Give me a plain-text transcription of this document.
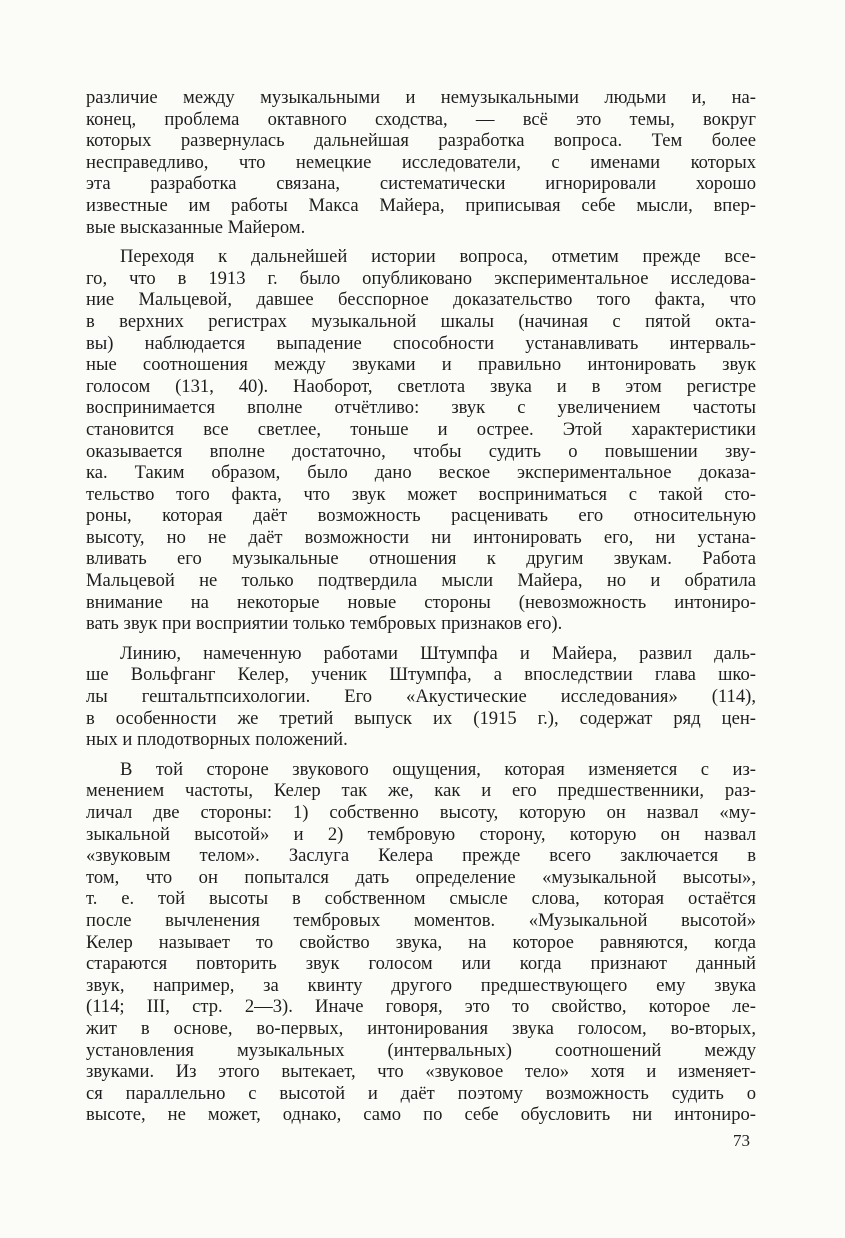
различие между музыкальными и немузыкальными людьми и, на-
конец, проблема октавного сходства, — всё это темы, вокруг
которых развернулась дальнейшая разработка вопроса. Тем более
несправедливо, что немецкие исследователи, с именами которых
эта разработка связана, систематически игнорировали хорошо
известные им работы Макса Майера, приписывая себе мысли, впер-
вые высказанные Майером.

Переходя к дальнейшей истории вопроса, отметим прежде все-
го, что в 1913 г. было опубликовано экспериментальное исследова-
ние Мальцевой, давшее бесспорное доказательство того факта, что
в верхних регистрах музыкальной шкалы (начиная с пятой окта-
вы) наблюдается выпадение способности устанавливать интерваль-
ные соотношения между звуками и правильно интонировать звук
голосом (131, 40). Наоборот, светлота звука и в этом регистре
воспринимается вполне отчётливо: звук с увеличением частоты
становится все светлее, тоньше и острее. Этой характеристики
оказывается вполне достаточно, чтобы судить о повышении зву-
ка. Таким образом, было дано веское экспериментальное доказа-
тельство того факта, что звук может восприниматься с такой сто-
роны, которая даёт возможность расценивать его относительную
высоту, но не даёт возможности ни интонировать его, ни устана-
вливать его музыкальные отношения к другим звукам. Работа
Мальцевой не только подтвердила мысли Майера, но и обратила
внимание на некоторые новые стороны (невозможность интониро-
вать звук при восприятии только тембровых признаков его).

Линию, намеченную работами Штумпфа и Майера, развил даль-
ше Вольфганг Келер, ученик Штумпфа, а впоследствии глава шко-
лы гештальтпсихологии. Его «Акустические исследования» (114),
в особенности же третий выпуск их (1915 г.), содержат ряд цен-
ных и плодотворных положений.

В той стороне звукового ощущения, которая изменяется с из-
менением частоты, Келер так же, как и его предшественники, раз-
личал две стороны: 1) собственно высоту, которую он назвал «му-
зыкальной высотой» и 2) тембровую сторону, которую он назвал
«звуковым телом». Заслуга Келера прежде всего заключается в
том, что он попытался дать определение «музыкальной высоты»,
т. е. той высоты в собственном смысле слова, которая остаётся
после вычленения тембровых моментов. «Музыкальной высотой»
Келер называет то свойство звука, на которое равняются, когда
стараются повторить звук голосом или когда признают данный
звук, например, за квинту другого предшествующего ему звука
(114; III, стр. 2—3). Иначе говоря, это то свойство, которое ле-
жит в основе, во-первых, интонирования звука голосом, во-вторых,
установления музыкальных (интервальных) соотношений между
звуками. Из этого вытекает, что «звуковое тело» хотя и изменяет-
ся параллельно с высотой и даёт поэтому возможность судить о
высоте, не может, однако, само по себе обусловить ни интониро-

73
